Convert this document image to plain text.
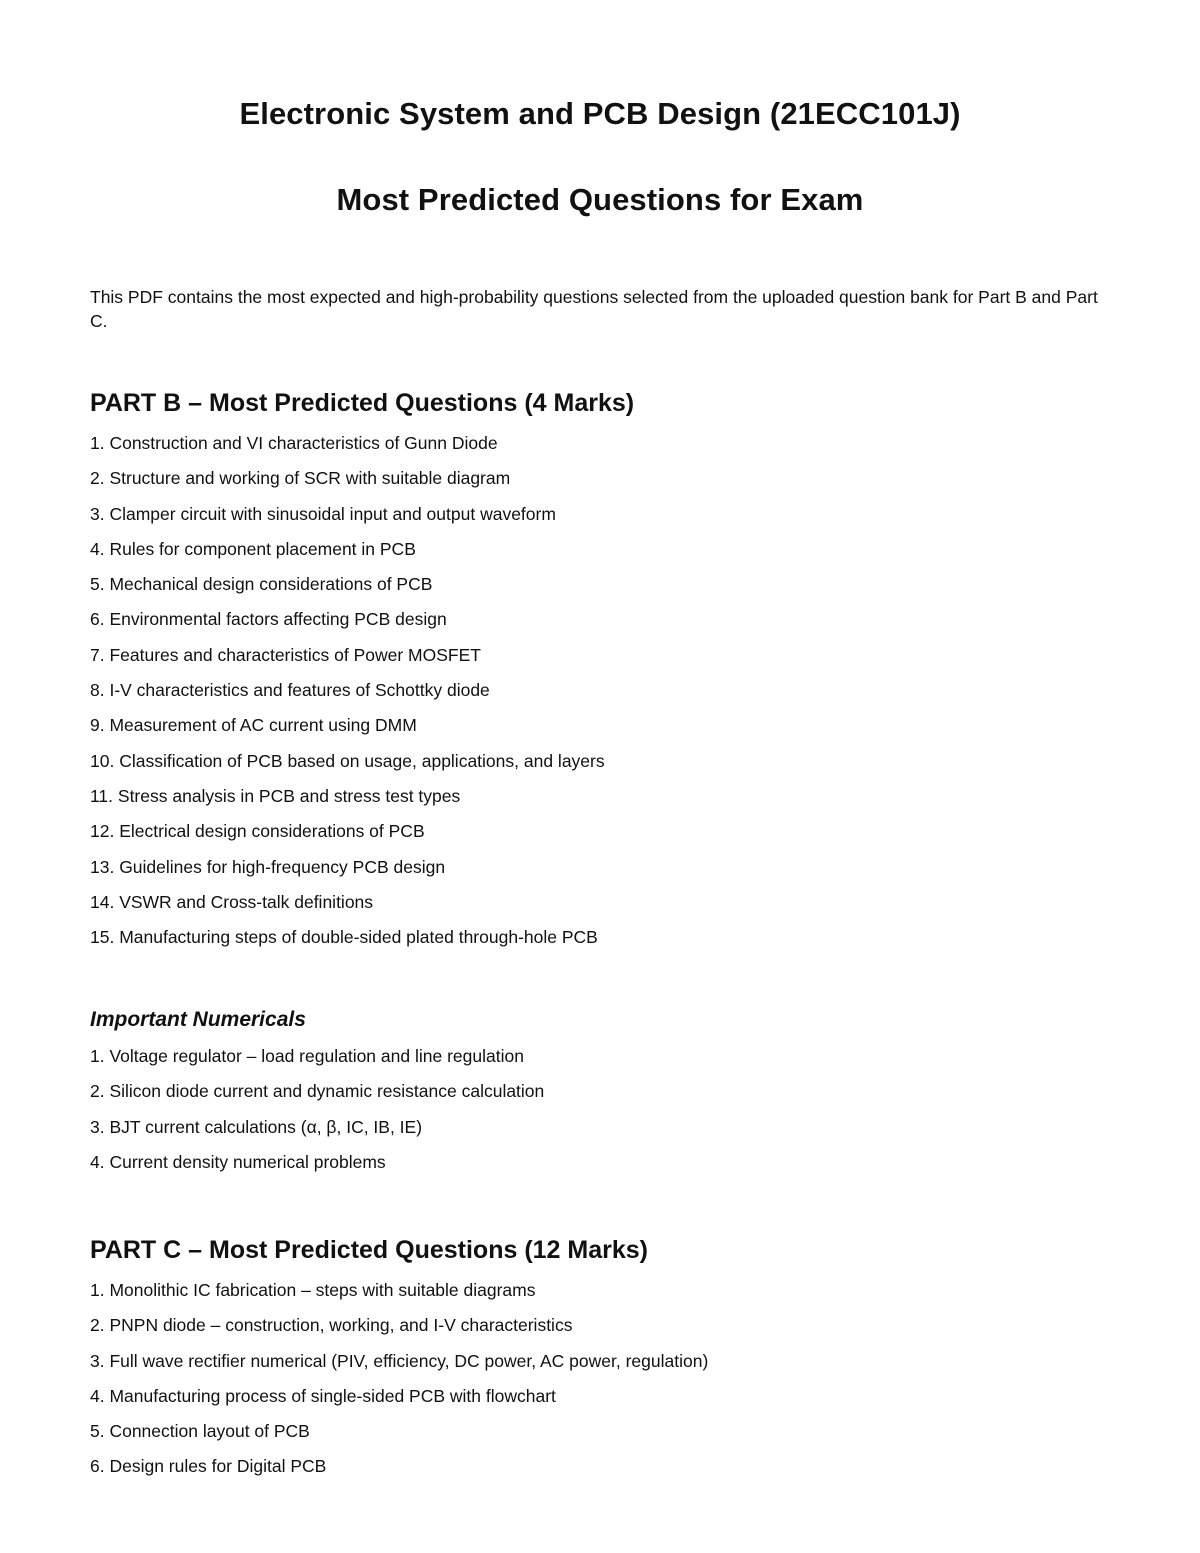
Electronic System and PCB Design (21ECC101J)
Most Predicted Questions for Exam

This PDF contains the most expected and high-probability questions selected from the uploaded question bank for Part B and Part C.

PART B – Most Predicted Questions (4 Marks)
1. Construction and VI characteristics of Gunn Diode
2. Structure and working of SCR with suitable diagram
3. Clamper circuit with sinusoidal input and output waveform
4. Rules for component placement in PCB
5. Mechanical design considerations of PCB
6. Environmental factors affecting PCB design
7. Features and characteristics of Power MOSFET
8. I-V characteristics and features of Schottky diode
9. Measurement of AC current using DMM
10. Classification of PCB based on usage, applications, and layers
11. Stress analysis in PCB and stress test types
12. Electrical design considerations of PCB
13. Guidelines for high-frequency PCB design
14. VSWR and Cross-talk definitions
15. Manufacturing steps of double-sided plated through-hole PCB
Important Numericals
1. Voltage regulator – load regulation and line regulation
2. Silicon diode current and dynamic resistance calculation
3. BJT current calculations (α, β, IC, IB, IE)
4. Current density numerical problems
PART C – Most Predicted Questions (12 Marks)
1. Monolithic IC fabrication – steps with suitable diagrams
2. PNPN diode – construction, working, and I-V characteristics
3. Full wave rectifier numerical (PIV, efficiency, DC power, AC power, regulation)
4. Manufacturing process of single-sided PCB with flowchart
5. Connection layout of PCB
6. Design rules for Digital PCB
